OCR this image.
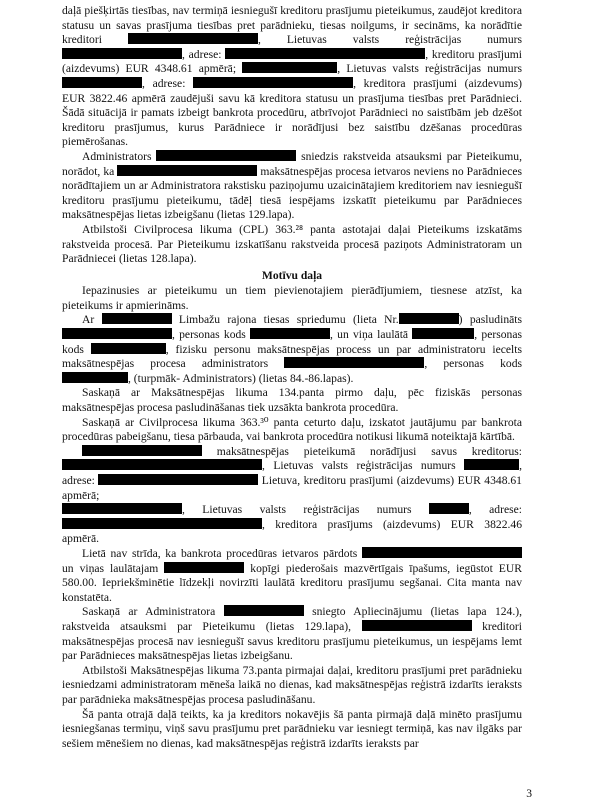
daļā piešķirtās tiesības, nav termiņā iesniegušī kreditoru prasījumu pieteikumus, zaudējot kreditora statusu un savas prasījuma tiesības pret parādnieku, tiesas noilgums, ir secināms, ka norādītie kreditori	, Lietuvas valsts reģistrācijas numurs , adrese:	, kreditoru prasījumi (aizdevums) EUR 4348.61 apmērā;	, Lietuvas valsts reģistrācijas numurs , adrese:	, kreditora prasījumi (aizdevums) EUR 3822.46 apmērā zaudējuši savu kā kreditora statusu un prasījuma tiesības pret Parādnieci. Šādā situācijā ir pamats izbeigt bankrota procedūru, atbrīvojot Parādnieci no saistībām jeb dzēšot kreditoru prasījumus, kurus Parādniece ir norādījusi bez saistību dzēšanas procedūras piemērošanas.

Administrators	sniedzis rakstveida atsauksmi par Pieteikumu, norādot, ka	maksātnespējas procesa ietvaros neviens no Parādnieces norādītajiem un ar Administratora rakstisku paziņojumu uzaicinātajiem kreditoriem nav iesniegušī kreditoru prasījumu pieteikumu, tādēļ tiesā iespējams izskatīt pieteikumu par Parādnieces maksātnespējas lietas izbeigšanu (lietas 129.lapa).

Atbilstoši Civilprocesa likuma (CPL) 363.²⁸ panta astotajai daļai Pieteikums izskatāms rakstveida procesā. Par Pieteikumu izskatīšanu rakstveida procesā paziņots Administratoram un Parādniecei (lietas 128.lapa).

Motīvu daļa

Iepazinusies ar pieteikumu un tiem pievienotajiem pierādījumiem, tiesnese atzīst, ka pieteikums ir apmierināms.

Ar	Limbažu rajona tiesas spriedumu (lieta Nr.	) pasludināts , personas kods	, un viņa laulātā	, personas kods	, fizisku personu maksātnespējas process un par administratoru iecelts maksātnespējas procesa administrators	, personas kods , (turpmāk- Administrators) (lietas 84.-86.lapas).

Saskaņā ar Maksātnespējas likuma 134.panta pirmo daļu, pēc fiziskās personas maksātnespējas procesa pasludināšanas tiek uzsākta bankrota procedūra.

Saskaņā ar Civilprocesa likuma 363.³⁰ panta ceturto daļu, izskatot jautājumu par bankrota procedūras pabeigšanu, tiesa pārbauda, vai bankrota procedūra notikusi likumā noteiktajā kārtībā.

maksātnespējas pieteikumā norādījusi savus kreditorus: , Lietuvas valsts reģistrācijas numurs	, adrese:	Lietuva, kreditoru prasījumi (aizdevums) EUR 4348.61 apmērā;

, Lietuvas valsts reģistrācijas numurs	, adrese: , kreditora prasījums (aizdevums) EUR 3822.46 apmērā.

Lietā nav strīda, ka bankrota procedūras ietvaros pārdots  un viņas laulātajam	kopīgi piederošais mazvērtīgais īpašums, iegūstot EUR 580.00. Iepriekšminētie līdzekļi novirzīti laulātā kreditoru prasījumu segšanai. Cita manta nav konstatēta.

Saskaņā ar Administratora	sniegto Apliecinājumu (lietas lapa 124.), rakstveida atsauksmi par Pieteikumu (lietas 129.lapa),	kreditori maksātnespējas procesā nav iesniegušī savus kreditoru prasījumu pieteikumus, un iespējams lemt par Parādnieces maksātnespējas lietas izbeigšanu.

Atbilstoši Maksātnespējas likuma 73.panta pirmajai daļai, kreditoru prasījumi pret parādnieku iesniedzami administratoram mēneša laikā no dienas, kad maksātnespējas reģistrā izdarīts ieraksts par parādnieka maksātnespējas procesa pasludināšanu.

Šā panta otrajā daļā teikts, ka ja kreditors nokavējis šā panta pirmajā daļā minēto prasījumu iesniegšanas termiņu, viņš savu prasījumu pret parādnieku var iesniegt termiņā, kas nav ilgāks par sešiem mēnešiem no dienas, kad maksātnespējas reģistrā izdarīts ieraksts par

3
